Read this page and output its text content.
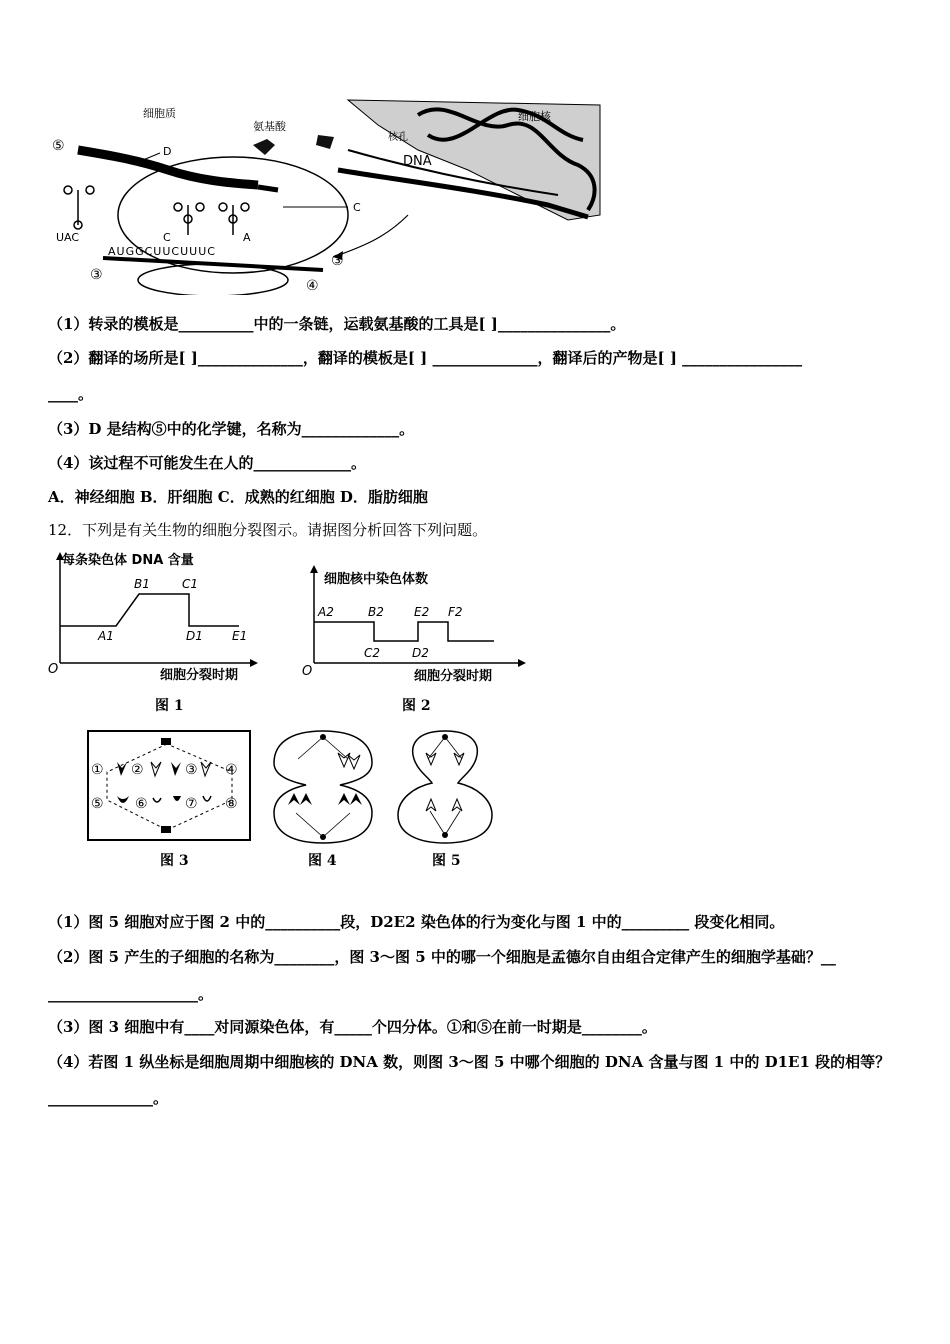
DNA
核孔
细胞核
细胞质
氨基酸
⑤	D
C
UAC	C	A
AUGGCUUCUUUC
③
③
④
（1）转录的模板是__________中的一条链，运载氨基酸的工具是[ ]_______________。
（2）翻译的场所是[ ]______________，翻译的模板是[ ] ______________，翻译后的产物是[ ] ________________
____。
（3）D 是结构⑤中的化学键，名称为_____________。
（4）该过程不可能发生在人的_____________。
A．神经细胞 B．肝细胞 C．成熟的红细胞 D．脂肪细胞
12．下列是有关生物的细胞分裂图示。请据图分析回答下列问题。
每条染色体 DNA 含量
细胞分裂时期
O
A1
B1	C1
D1 E1
图 1
细胞核中染色体数
细胞分裂时期
O
A2	B2
C2	D2
E2 F2
图 2
① ②	③ ④
⑤ ⑥	⑦ ⑧
图 3	图 4	图 5
（1）图 5 细胞对应于图 2 中的__________段，D2E2 染色体的行为变化与图 1 中的_________ 段变化相同。
（2）图 5 产生的子细胞的名称为________，图 3～图 5 中的哪一个细胞是孟德尔自由组合定律产生的细胞学基础？__
____________________。
（3）图 3 细胞中有____对同源染色体，有_____个四分体。①和⑤在前一时期是________。
（4）若图 1 纵坐标是细胞周期中细胞核的 DNA 数，则图 3～图 5 中哪个细胞的 DNA 含量与图 1 中的 D1E1 段的相等？
______________。
